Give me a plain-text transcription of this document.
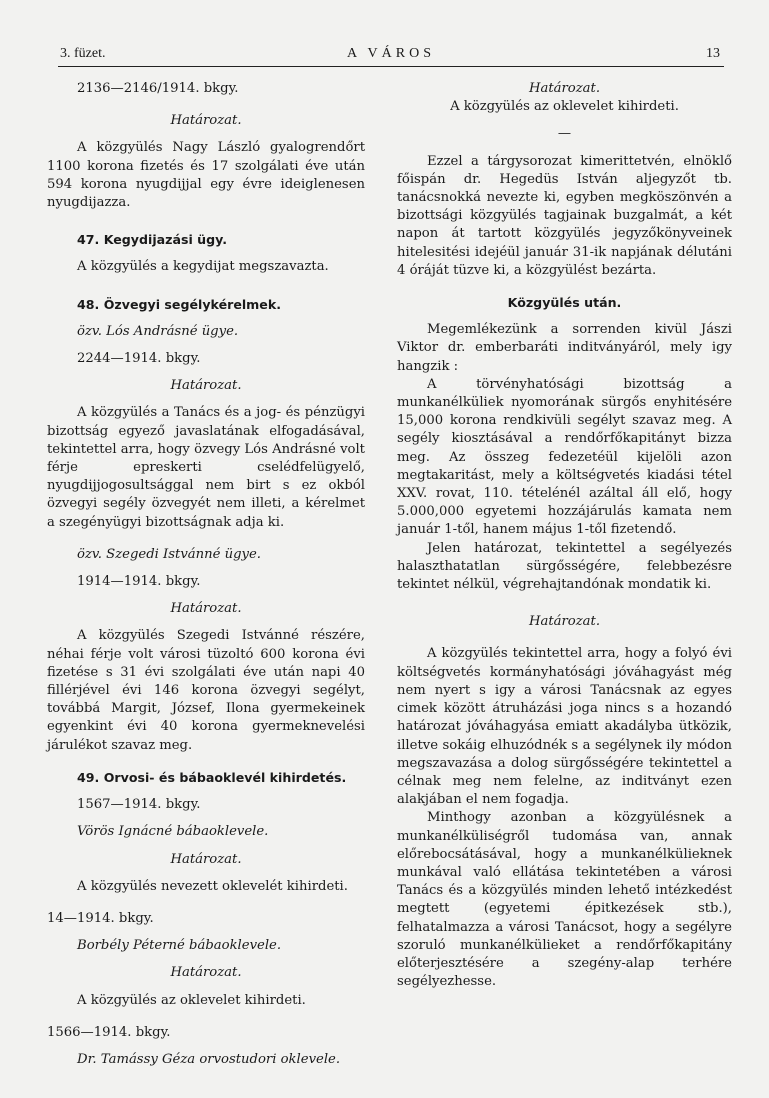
3. füzet.	A VÁROS	13

2136—2146/1914. bkgy.

Határozat.

A közgyülés Nagy László gyalogrendőrt 1100 korona fizetés és 17 szolgálati éve után 594 korona nyugdijjal egy évre ideiglenesen nyugdijazza.

47. Kegydijazási ügy.

A közgyülés a kegydijat megszavazta.

48. Özvegyi segélykérelmek.

özv. Lós Andrásné ügye.

2244—1914. bkgy.

Határozat.

A közgyülés a Tanács és a jog- és pénzügyi bizottság egyező javaslatának elfogadásával, tekintettel arra, hogy özvegy Lós Andrásné volt férje epreskerti cselédfelügyelő, nyugdijjogosultsággal nem birt s ez okból özvegyi segély özvegyét nem illeti, a kérelmet a szegényügyi bizottságnak adja ki.

özv. Szegedi Istvánné ügye.

1914—1914. bkgy.

Határozat.

A közgyülés Szegedi Istvánné részére, néhai férje volt városi tüzoltó 600 korona évi fizetése s 31 évi szolgálati éve után napi 40 fillérjével évi 146 korona özvegyi segélyt, továbbá Margit, József, Ilona gyermekeinek egyenkint évi 40 korona gyermeknevelési járulékot szavaz meg.

49. Orvosi- és bábaoklevél kihirdetés.

1567—1914. bkgy.

Vörös Ignácné bábaoklevele.

Határozat.

A közgyülés nevezett oklevelét kihirdeti.

14—1914. bkgy.

Borbély Péterné bábaoklevele.

Határozat.

A közgyülés az oklevelet kihirdeti.

1566—1914. bkgy.

Dr. Tamássy Géza orvostudori oklevele.

Határozat.

A közgyülés az oklevelet kihirdeti.

—

Ezzel a tárgysorozat kimerittetvén, elnöklő főispán dr. Hegedüs István aljegyzőt tb. tanácsnokká nevezte ki, egyben megköszönvén a bizottsági közgyülés tagjainak buzgalmát, a két napon át tartott közgyülés jegyzőkönyveinek hitelesitési idejéül január 31-ik napjának délutáni 4 óráját tüzve ki, a közgyülést bezárta.

Közgyülés után.

Megemlékezünk a sorrenden kivül Jászi Viktor dr. emberbaráti inditványáról, mely igy hangzik :

A törvényhatósági bizottság a munkanélküliek nyomorának sürgős enyhitésére 15,000 korona rendkivüli segélyt szavaz meg. A segély kiosztásával a rendőrfőkapitányt bizza meg. Az összeg fedezetéül kijelöli azon megtakaritást, mely a költségvetés kiadási tétel XXV. rovat, 110. tételénél azáltal áll elő, hogy 5.000,000 egyetemi hozzájárulás kamata nem január 1-től, hanem május 1-től fizetendő.

Jelen határozat, tekintettel a segélyezés halaszthatatlan sürgősségére, felebbezésre tekintet nélkül, végrehajtandónak mondatik ki.

Határozat.

A közgyülés tekintettel arra, hogy a folyó évi költségvetés kormányhatósági jóváhagyást még nem nyert s igy a városi Tanácsnak az egyes cimek között átruházási joga nincs s a hozandó határozat jóváhagyása emiatt akadályba ütközik, illetve sokáig elhuzódnék s a segélynek ily módon megszavazása a dolog sürgősségére tekintettel a célnak meg nem felelne, az inditványt ezen alakjában el nem fogadja.

Minthogy azonban a közgyülésnek a munkanélküliségről tudomása van, annak előrebocsátásával, hogy a munkanélkülieknek munkával való ellátása tekintetében a városi Tanács és a közgyülés minden lehető intézkedést megtett (egyetemi épitkezések stb.), felhatalmazza a városi Tanácsot, hogy a segélyre szoruló munkanélkülieket a rendőrfőkapitány előterjesztésére a szegény-alap terhére segélyezhesse.
